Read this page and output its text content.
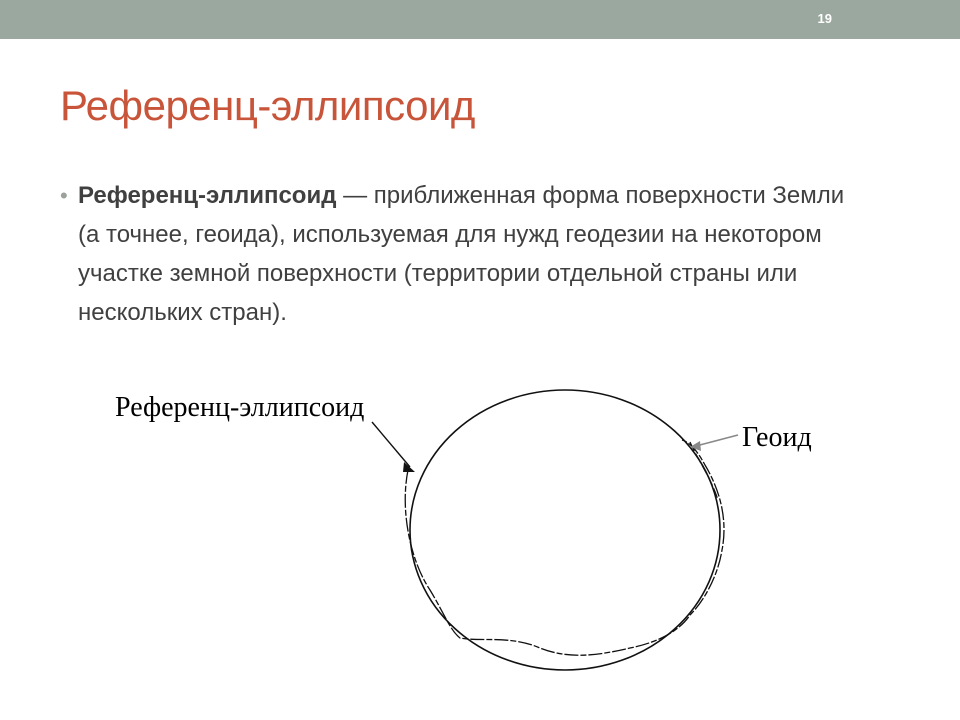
19
Референц-эллипсоид
• Референц-эллипсоид — приближенная форма поверхности Земли (а точнее, геоида), используемая для нужд геодезии на некотором участке земной поверхности (территории отдельной страны или нескольких стран).
Референц-эллипсоид
Геоид
